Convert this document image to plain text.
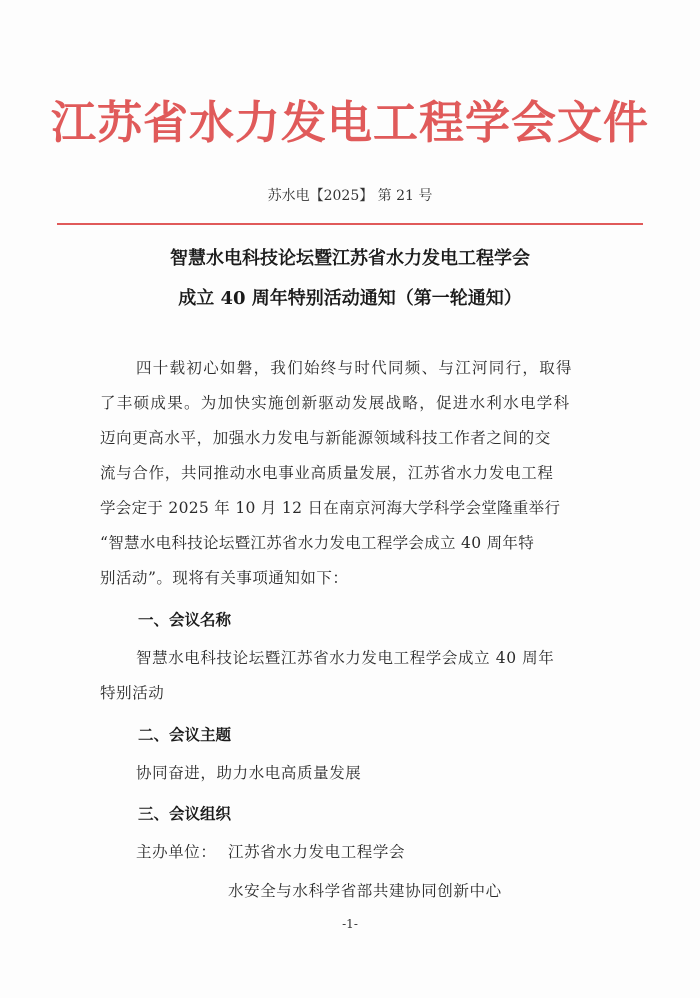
江苏省水力发电工程学会文件
苏水电【2025】 第 21 号
智慧水电科技论坛暨江苏省水力发电工程学会
成立 40 周年特别活动通知（第一轮通知）
四十载初心如磐，我们始终与时代同频、与江河同行，取得
了丰硕成果。为加快实施创新驱动发展战略，促进水利水电学科
迈向更高水平，加强水力发电与新能源领域科技工作者之间的交
流与合作，共同推动水电事业高质量发展，江苏省水力发电工程
学会定于 2025 年 10 月 12 日在南京河海大学科学会堂隆重举行
“智慧水电科技论坛暨江苏省水力发电工程学会成立 40 周年特
别活动”。现将有关事项通知如下：
一、会议名称
智慧水电科技论坛暨江苏省水力发电工程学会成立 40 周年
特别活动
二、会议主题
协同奋进，助力水电高质量发展
三、会议组织
主办单位： 江苏省水力发电工程学会
水安全与水科学省部共建协同创新中心
-1-
